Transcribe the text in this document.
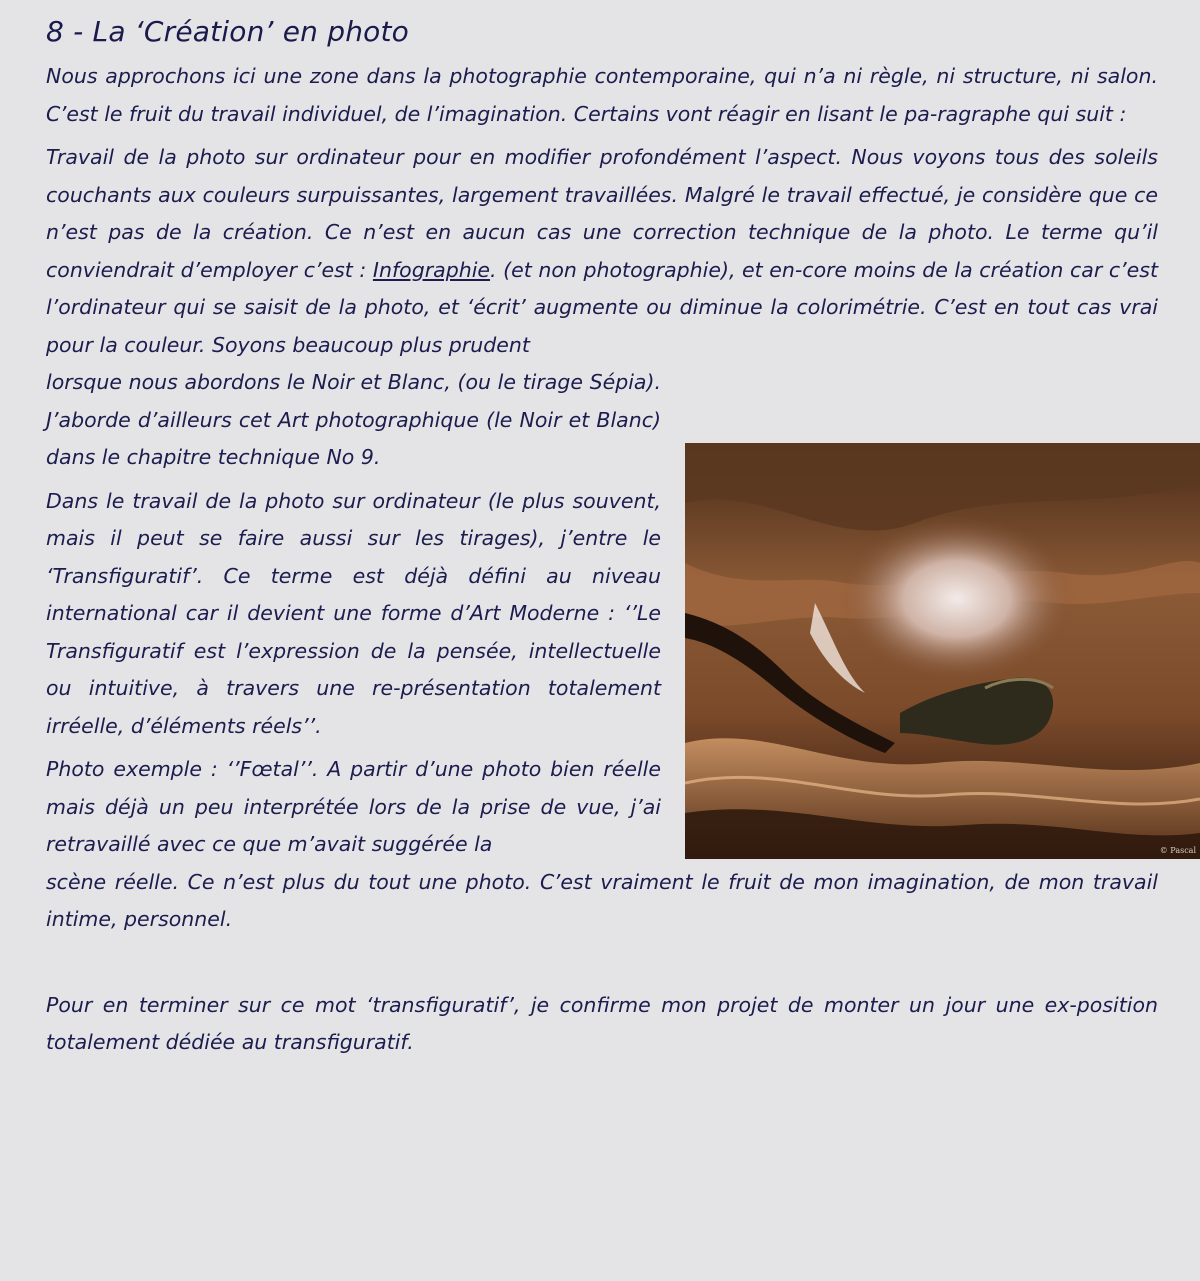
8 - La ‘Création’ en photo
Nous approchons ici une zone dans la photographie contemporaine, qui n’a ni règle, ni structure, ni salon. C’est le fruit du travail individuel, de l’imagination. Certains vont réagir en lisant le pa-ragraphe qui suit :
Travail de la photo sur ordinateur pour en modifier profondément l’aspect. Nous voyons tous des soleils couchants aux couleurs surpuissantes, largement travaillées. Malgré le travail effectué, je considère que ce n’est pas de la création. Ce n’est en aucun cas une correction technique de la photo. Le terme qu’il conviendrait d’employer c’est : Infographie. (et non photographie), et en-core moins de la création car c’est l’ordinateur qui se saisit de la photo, et ‘écrit’ augmente ou diminue la colorimétrie. C’est en tout cas vrai pour la couleur. Soyons beaucoup plus prudent
lorsque nous abordons le Noir et Blanc, (ou le tirage Sépia). J’aborde d’ailleurs cet Art photographique (le Noir et Blanc) dans le chapitre technique No 9.
Dans le travail de la photo sur ordinateur (le plus souvent, mais il peut se faire aussi sur les tirages), j’entre le ‘Transfiguratif’. Ce terme est déjà défini au niveau international car il devient une forme d’Art Moderne : ‘’Le Transfiguratif est l’expression de la pensée, intellectuelle ou intuitive, à travers une re-présentation totalement irréelle, d’éléments réels’’.
Photo exemple : ‘’Fœtal’’. A partir d’une photo bien réelle mais déjà un peu interprétée lors de la prise de vue, j’ai retravaillé avec ce que m’avait suggérée la
scène réelle. Ce n’est plus du tout une photo. C’est vraiment le fruit de mon imagination, de mon travail intime, personnel.
Pour en terminer sur ce mot ‘transfiguratif’, je confirme mon projet de monter un jour une ex-position totalement dédiée au transfiguratif.
© Pascal
